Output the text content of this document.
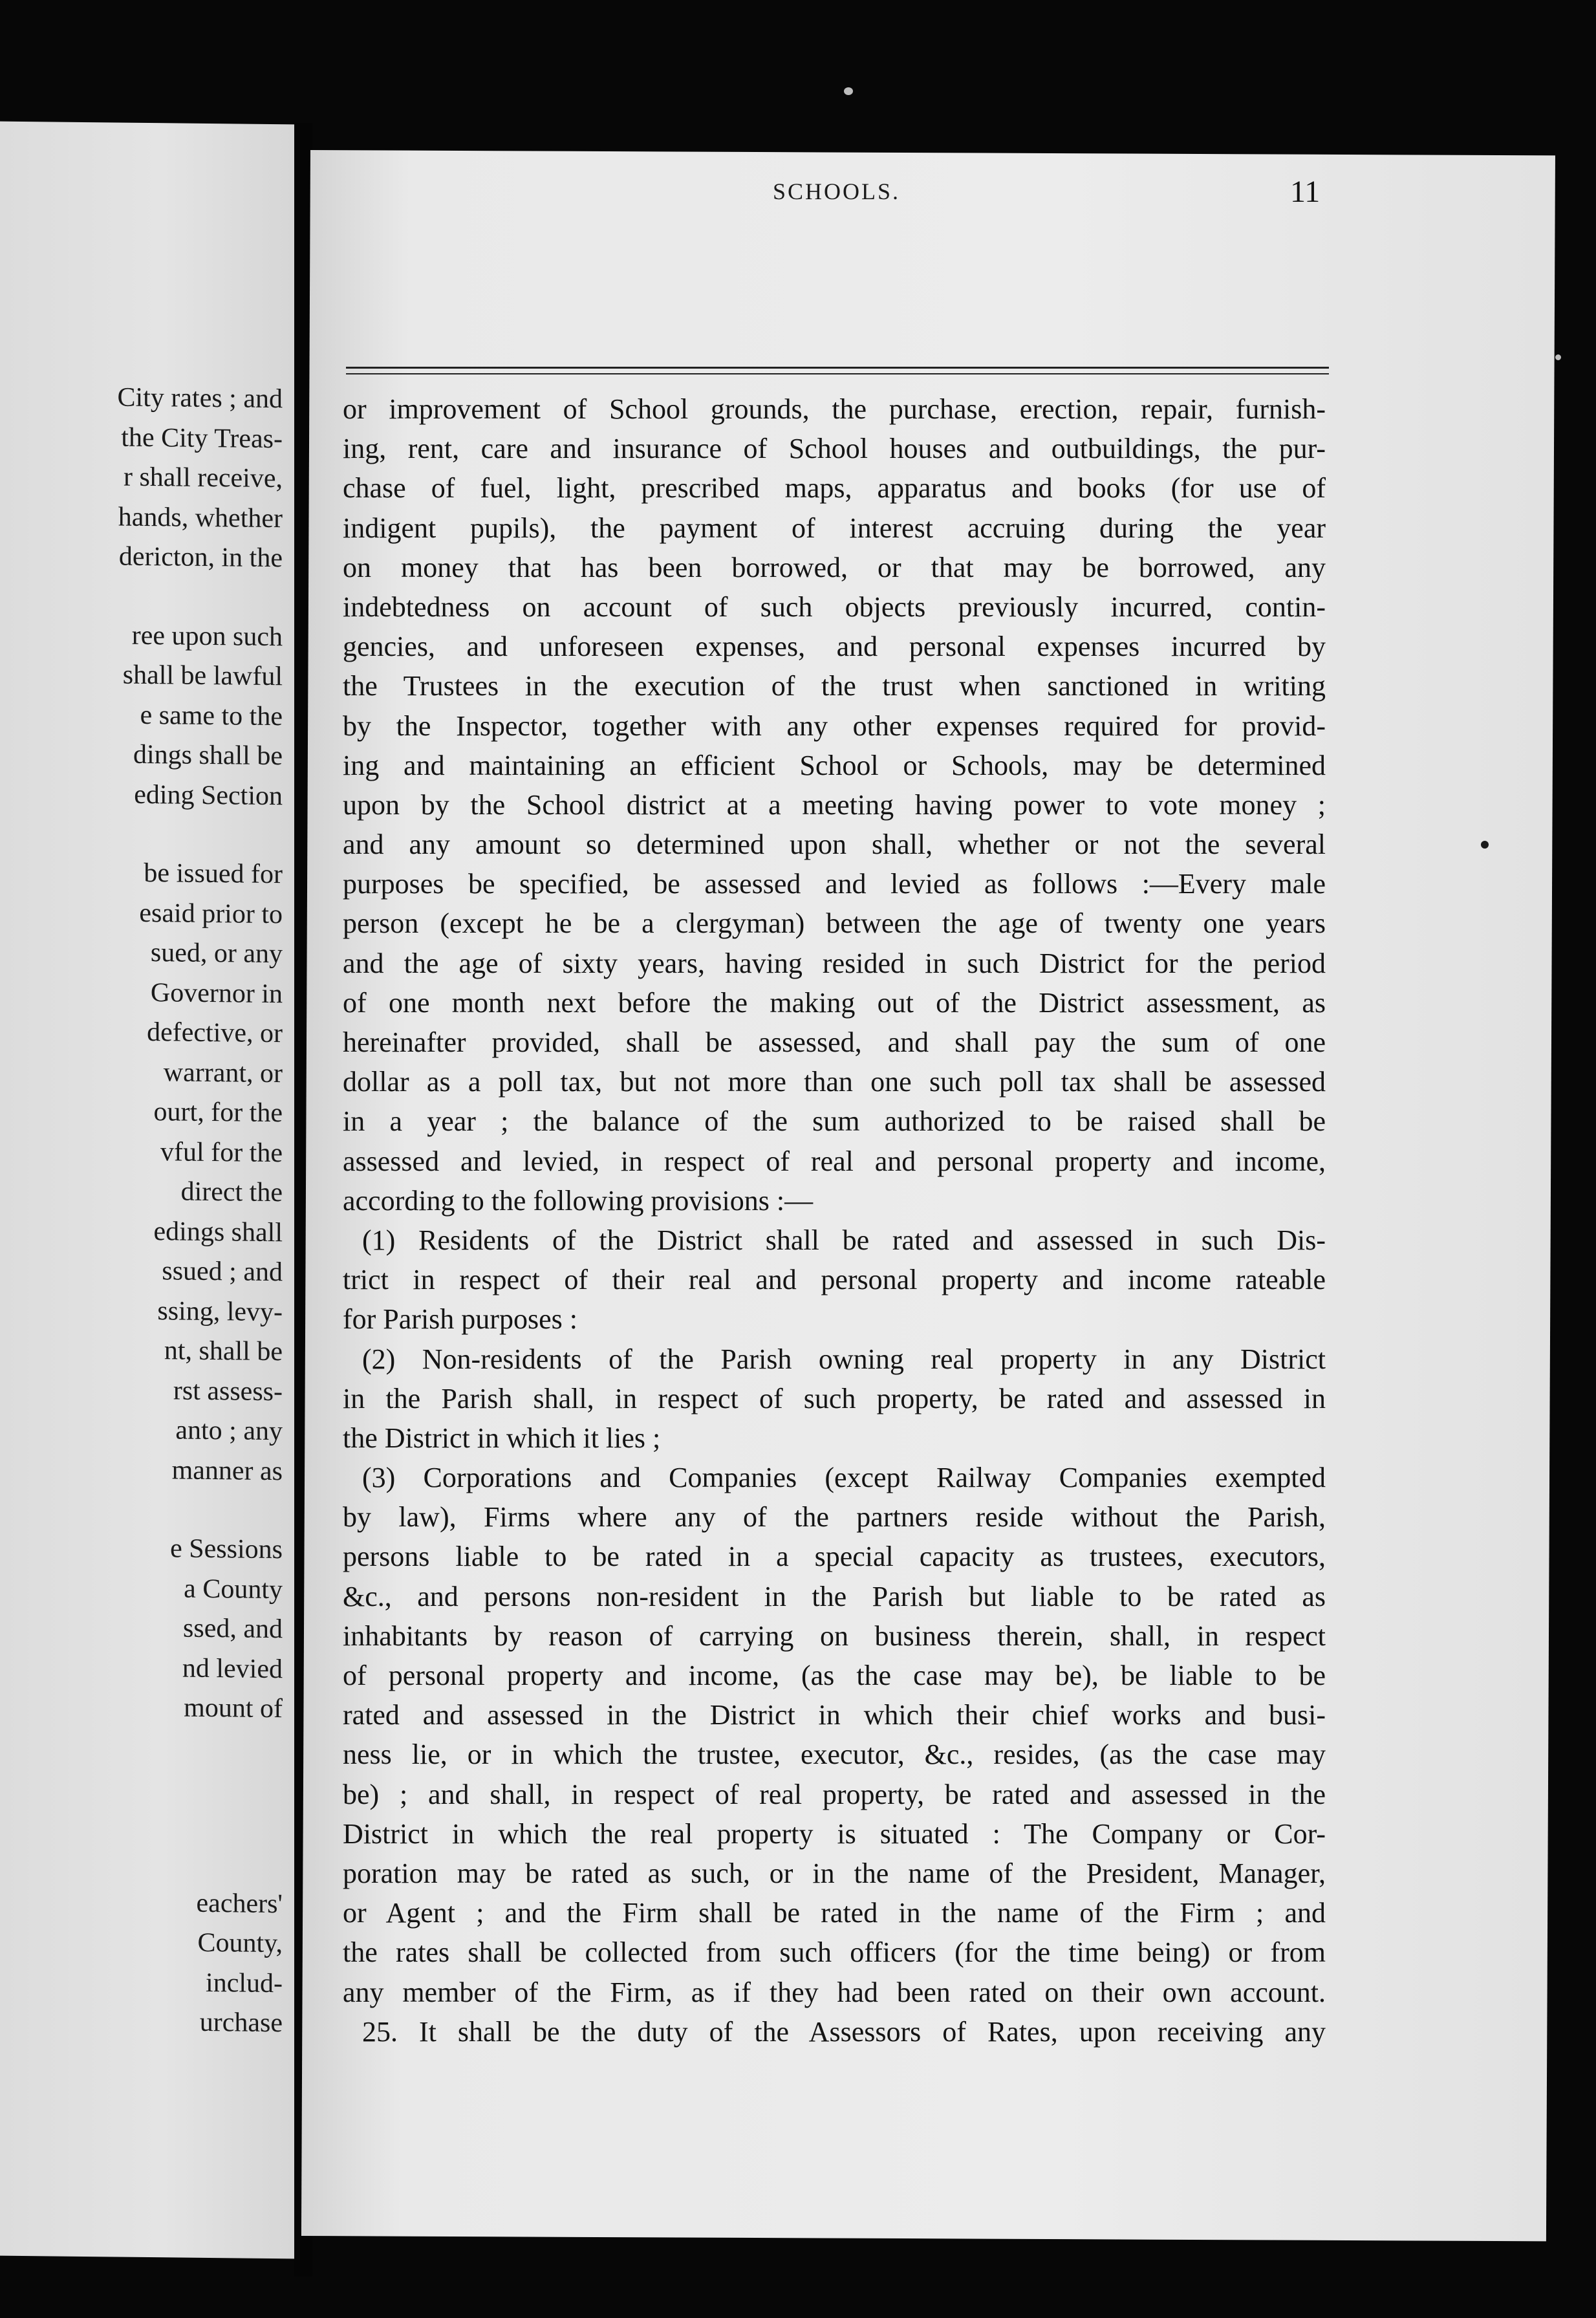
City rates ; and
the City Treas-
r shall receive,
hands, whether
dericton, in the
ree upon such
shall be lawful
e same to the
dings shall be
eding Section
be issued for
esaid prior to
sued, or any
Governor in
defective, or
warrant, or
ourt, for the
vful for the
direct the
edings shall
ssued ; and
ssing, levy-
nt, shall be
rst assess-
anto ; any
manner as
e Sessions
a County
ssed, and
nd levied
mount of
eachers'
County,
includ-
urchase
SCHOOLS.	11
or improvement of School grounds, the purchase, erection, repair, furnish-
ing, rent, care and insurance of School houses and outbuildings, the pur-
chase of fuel, light, prescribed maps, apparatus and books (for use of
indigent pupils), the payment of interest accruing during the year
on money that has been borrowed, or that may be borrowed, any
indebtedness on account of such objects previously incurred, contin-
gencies, and unforeseen expenses, and personal expenses incurred by
the Trustees in the execution of the trust when sanctioned in writing
by the Inspector, together with any other expenses required for provid-
ing and maintaining an efficient School or Schools, may be determined
upon by the School district at a meeting having power to vote money ;
and any amount so determined upon shall, whether or not the several
purposes be specified, be assessed and levied as follows :—Every male
person (except he be a clergyman) between the age of twenty one years
and the age of sixty years, having resided in such District for the period
of one month next before the making out of the District assessment, as
hereinafter provided, shall be assessed, and shall pay the sum of one
dollar as a poll tax, but not more than one such poll tax shall be assessed
in a year ; the balance of the sum authorized to be raised shall be
assessed and levied, in respect of real and personal property and income,
according to the following provisions :—
(1) Residents of the District shall be rated and assessed in such Dis-
trict in respect of their real and personal property and income rateable
for Parish purposes :
(2) Non-residents of the Parish owning real property in any District
in the Parish shall, in respect of such property, be rated and assessed in
the District in which it lies ;
(3) Corporations and Companies (except Railway Companies exempted
by law), Firms where any of the partners reside without the Parish,
persons liable to be rated in a special capacity as trustees, executors,
&c., and persons non-resident in the Parish but liable to be rated as
inhabitants by reason of carrying on business therein, shall, in respect
of personal property and income, (as the case may be), be liable to be
rated and assessed in the District in which their chief works and busi-
ness lie, or in which the trustee, executor, &c., resides, (as the case may
be) ; and shall, in respect of real property, be rated and assessed in the
District in which the real property is situated : The Company or Cor-
poration may be rated as such, or in the name of the President, Manager,
or Agent ; and the Firm shall be rated in the name of the Firm ; and
the rates shall be collected from such officers (for the time being) or from
any member of the Firm, as if they had been rated on their own account.
25. It shall be the duty of the Assessors of Rates, upon receiving any
